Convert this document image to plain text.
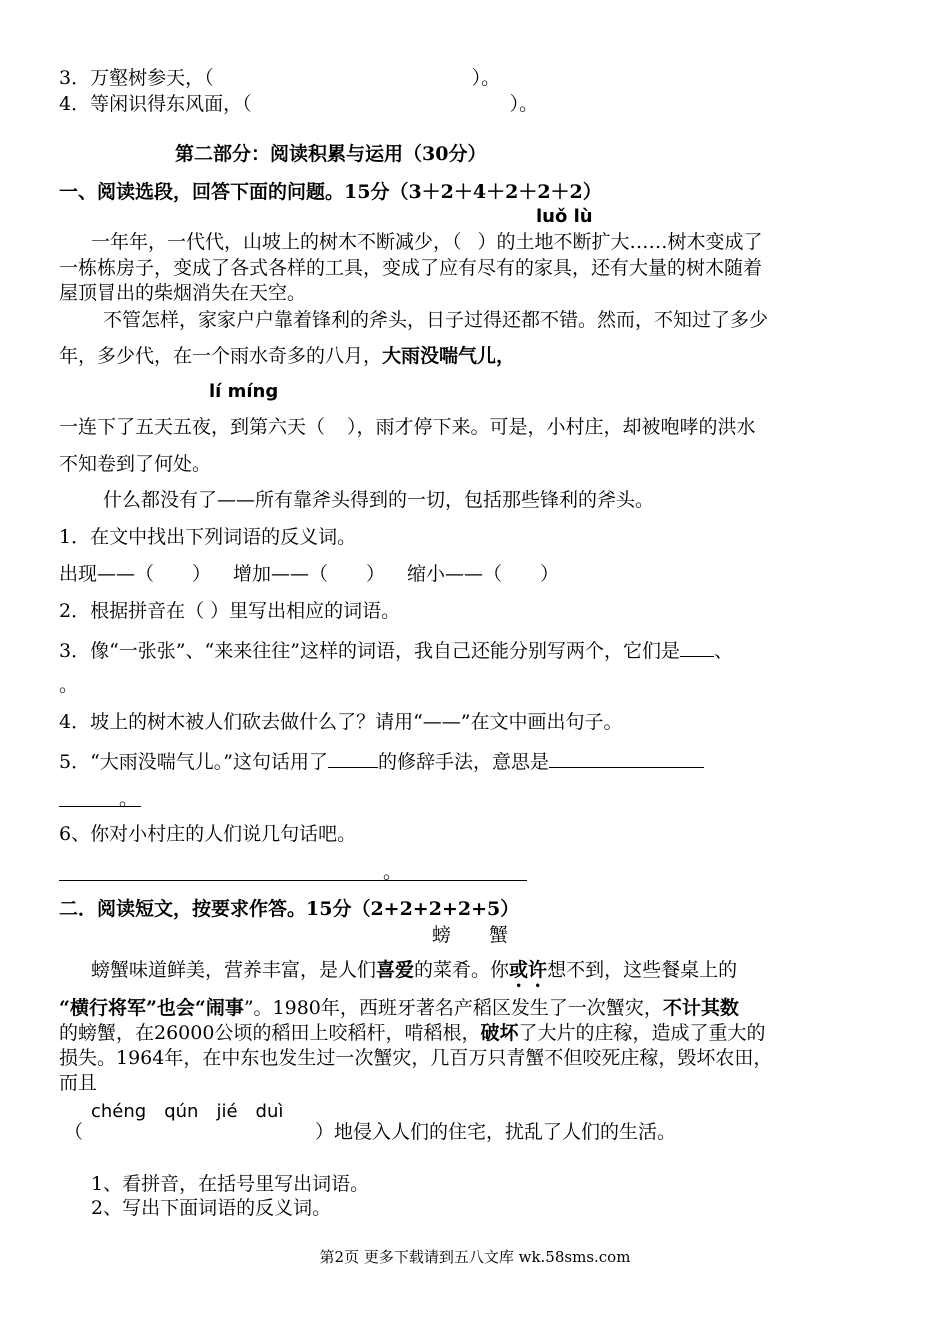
3．万壑树参天，（	）。
4．等闲识得东风面，（	）。
第二部分：阅读积累与运用（30分）
一、阅读选段，回答下面的问题。15分（3＋2＋4＋2＋2＋2）
luǒ lù
一年年，一代代，山坡上的树木不断减少，（ ）的土地不断扩大……树木变成了
一栋栋房子，变成了各式各样的工具，变成了应有尽有的家具，还有大量的树木随着
屋顶冒出的柴烟消失在天空。
不管怎样，家家户户靠着锋利的斧头，日子过得还都不错。然而，不知过了多少
年，多少代，在一个雨水奇多的八月，大雨没喘气儿，
lí míng
一连下了五天五夜，到第六天（ ），雨才停下来。可是，小村庄，却被咆哮的洪水
不知卷到了何处。
什么都没有了——所有靠斧头得到的一切，包括那些锋利的斧头。
1．在文中找出下列词语的反义词。
出现——（　　） 增加——（　　） 缩小——（　　）
2．根据拼音在（ ）里写出相应的词语。
3．像“一张张”、“来来往往”这样的词语，我自己还能分别写两个，它们是 、
。
4．坡上的树木被人们砍去做什么了？请用“——”在文中画出句子。
5．“大雨没喘气儿。”这句话用了	的修辞手法，意思是
。
6、你对小村庄的人们说几句话吧。
。
二．阅读短文，按要求作答。15分（2+2+2+2+5）
螃　　蟹
螃蟹味道鲜美，营养丰富，是人们喜爱的菜肴。你或许想不到，这些餐桌上的
“横行将军”也会“闹事”。1980年，西班牙著名产稻区发生了一次蟹灾，不计其数
的螃蟹，在26000公顷的稻田上咬稻杆，啃稻根，破坏了大片的庄稼，造成了重大的
损失。1964年，在中东也发生过一次蟹灾，几百万只青蟹不但咬死庄稼，毁坏农田，
而且
chéng　qún　jié　duì
（	）地侵入人们的住宅，扰乱了人们的生活。
1、看拼音，在括号里写出词语。
2、写出下面词语的反义词。
第2页 更多下载请到五八文库 wk.58sms.com
